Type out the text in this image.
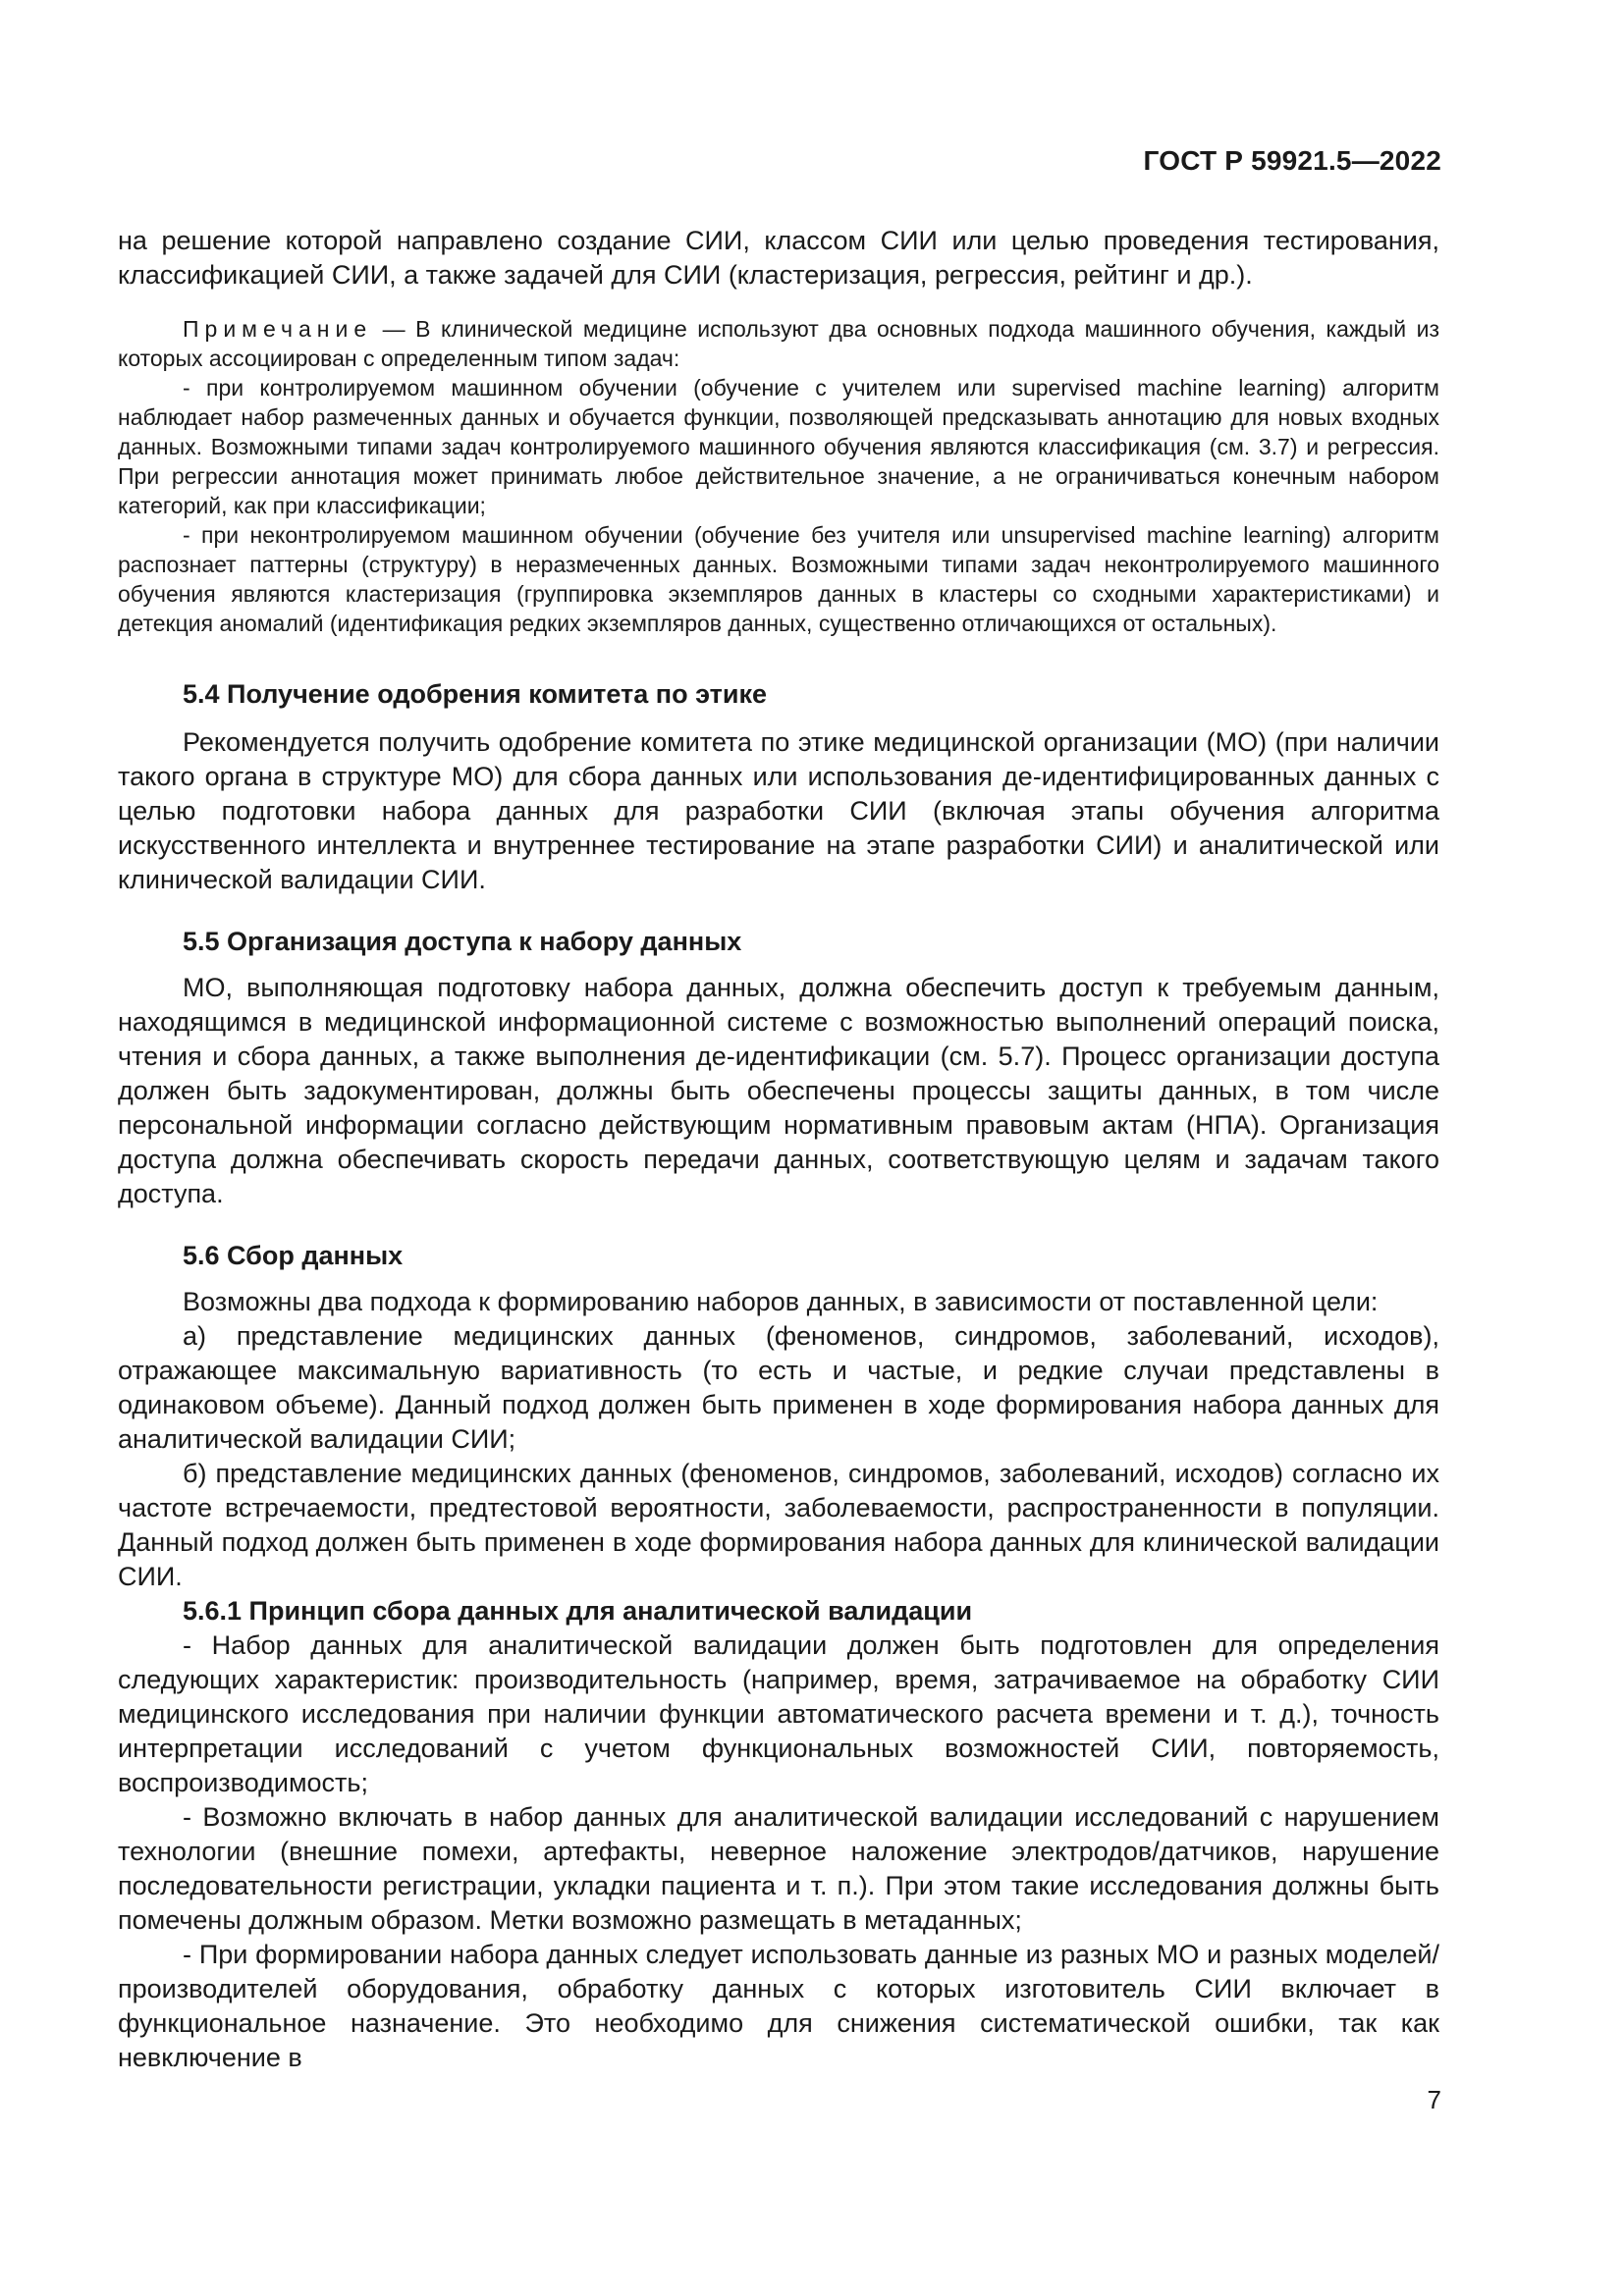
ГОСТ Р 59921.5—2022

на решение которой направлено создание СИИ, классом СИИ или целью проведения тестирования, классификацией СИИ, а также задачей для СИИ (кластеризация, регрессия, рейтинг и др.).

Примечание — В клинической медицине используют два основных подхода машинного обучения, каждый из которых ассоциирован с определенным типом задач:

- при контролируемом машинном обучении (обучение с учителем или supervised machine learning) алгоритм наблюдает набор размеченных данных и обучается функции, позволяющей предсказывать аннотацию для новых входных данных. Возможными типами задач контролируемого машинного обучения являются классификация (см. 3.7) и регрессия. При регрессии аннотация может принимать любое действительное значение, а не ограничиваться конечным набором категорий, как при классификации;

- при неконтролируемом машинном обучении (обучение без учителя или unsupervised machine learning) алгоритм распознает паттерны (структуру) в неразмеченных данных. Возможными типами задач неконтролируемого машинного обучения являются кластеризация (группировка экземпляров данных в кластеры со сходными характеристиками) и детекция аномалий (идентификация редких экземпляров данных, существенно отличающихся от остальных).

5.4 Получение одобрения комитета по этике

Рекомендуется получить одобрение комитета по этике медицинской организации (МО) (при наличии такого органа в структуре МО) для сбора данных или использования де-идентифицированных данных с целью подготовки набора данных для разработки СИИ (включая этапы обучения алгоритма искусственного интеллекта и внутреннее тестирование на этапе разработки СИИ) и аналитической или клинической валидации СИИ.

5.5 Организация доступа к набору данных

МО, выполняющая подготовку набора данных, должна обеспечить доступ к требуемым данным, находящимся в медицинской информационной системе с возможностью выполнений операций поиска, чтения и сбора данных, а также выполнения де-идентификации (см. 5.7). Процесс организации доступа должен быть задокументирован, должны быть обеспечены процессы защиты данных, в том числе персональной информации согласно действующим нормативным правовым актам (НПА). Организация доступа должна обеспечивать скорость передачи данных, соответствующую целям и задачам такого доступа.

5.6 Сбор данных

Возможны два подхода к формированию наборов данных, в зависимости от поставленной цели:

а) представление медицинских данных (феноменов, синдромов, заболеваний, исходов), отражающее максимальную вариативность (то есть и частые, и редкие случаи представлены в одинаковом объеме). Данный подход должен быть применен в ходе формирования набора данных для аналитической валидации СИИ;

б) представление медицинских данных (феноменов, синдромов, заболеваний, исходов) согласно их частоте встречаемости, предтестовой вероятности, заболеваемости, распространенности в популяции. Данный подход должен быть применен в ходе формирования набора данных для клинической валидации СИИ.

5.6.1 Принцип сбора данных для аналитической валидации

- Набор данных для аналитической валидации должен быть подготовлен для определения следующих характеристик: производительность (например, время, затрачиваемое на обработку СИИ медицинского исследования при наличии функции автоматического расчета времени и т. д.), точность интерпретации исследований с учетом функциональных возможностей СИИ, повторяемость, воспроизводимость;

- Возможно включать в набор данных для аналитической валидации исследований с нарушением технологии (внешние помехи, артефакты, неверное наложение электродов/датчиков, нарушение последовательности регистрации, укладки пациента и т. п.). При этом такие исследования должны быть помечены должным образом. Метки возможно размещать в метаданных;

- При формировании набора данных следует использовать данные из разных МО и разных моделей/производителей оборудования, обработку данных с которых изготовитель СИИ включает в функциональное назначение. Это необходимо для снижения систематической ошибки, так как невключение в

7
